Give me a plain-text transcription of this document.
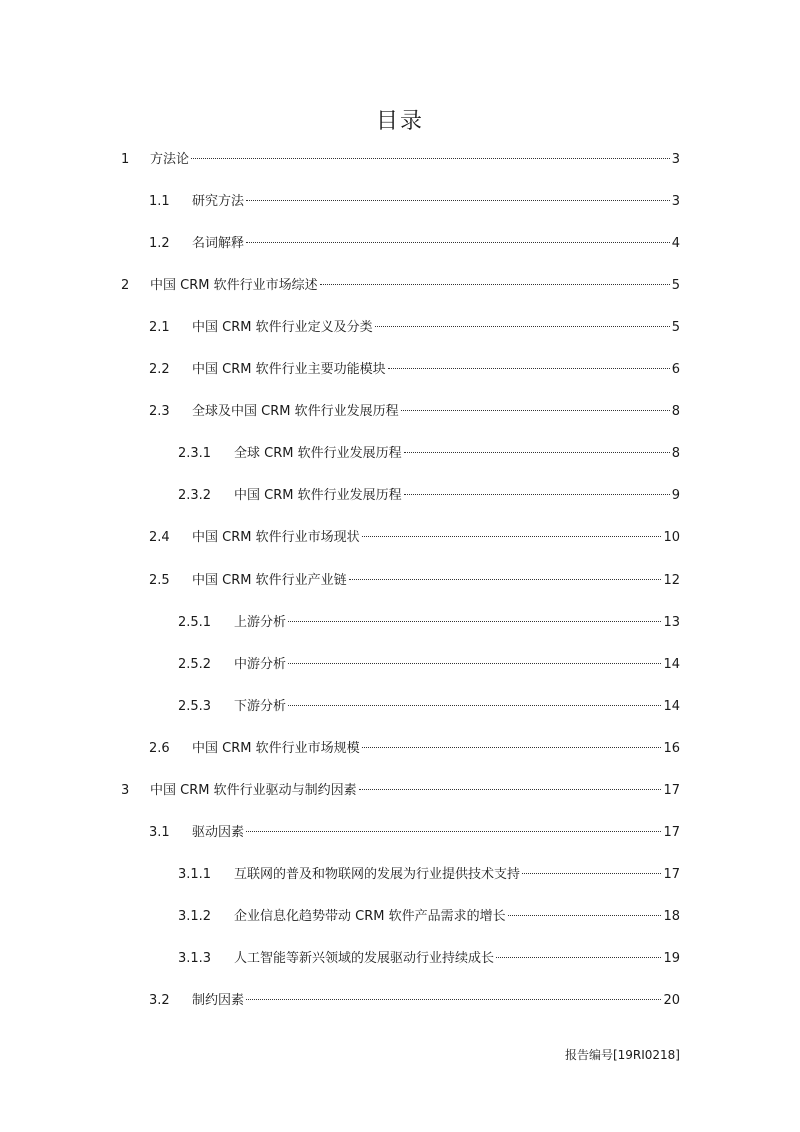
目录
1	方法论	3
1.1	研究方法	3
1.2	名词解释	4
2	中国 CRM 软件行业市场综述	5
2.1	中国 CRM 软件行业定义及分类	5
2.2	中国 CRM 软件行业主要功能模块	6
2.3	全球及中国 CRM 软件行业发展历程	8
2.3.1	全球 CRM 软件行业发展历程	8
2.3.2	中国 CRM 软件行业发展历程	9
2.4	中国 CRM 软件行业市场现状	10
2.5	中国 CRM 软件行业产业链	12
2.5.1	上游分析	13
2.5.2	中游分析	14
2.5.3	下游分析	14
2.6	中国 CRM 软件行业市场规模	16
3	中国 CRM 软件行业驱动与制约因素	17
3.1	驱动因素	17
3.1.1	互联网的普及和物联网的发展为行业提供技术支持	17
3.1.2	企业信息化趋势带动 CRM 软件产品需求的增长	18
3.1.3	人工智能等新兴领域的发展驱动行业持续成长	19
3.2	制约因素	20
报告编号[19RI0218]
